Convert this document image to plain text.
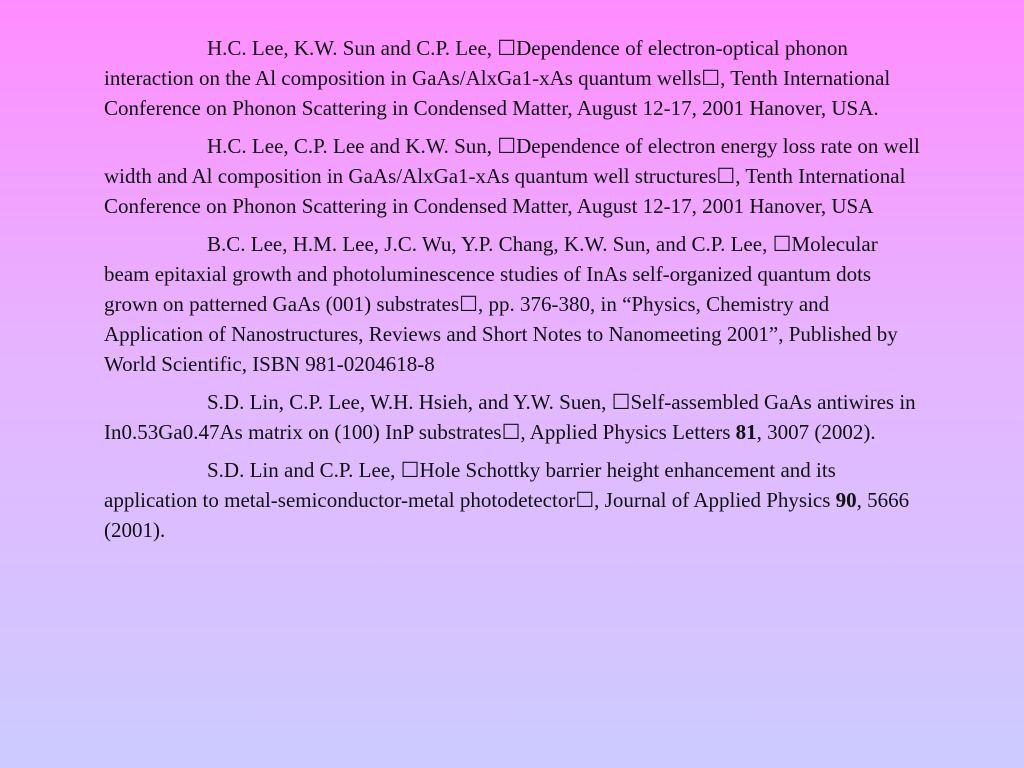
H.C. Lee, K.W. Sun and C.P. Lee, ☐Dependence of electron-optical phonon interaction on the Al composition in GaAs/AlxGa1-xAs quantum wells☐, Tenth International Conference on Phonon Scattering in Condensed Matter, August 12-17, 2001 Hanover, USA.

H.C. Lee, C.P. Lee and K.W. Sun, ☐Dependence of electron energy loss rate on well width and Al composition in GaAs/AlxGa1-xAs quantum well structures☐, Tenth International Conference on Phonon Scattering in Condensed Matter, August 12-17, 2001 Hanover, USA

B.C. Lee, H.M. Lee, J.C. Wu, Y.P. Chang, K.W. Sun, and C.P. Lee, ☐Molecular beam epitaxial growth and photoluminescence studies of InAs self-organized quantum dots grown on patterned GaAs (001) substrates☐, pp. 376-380, in “Physics, Chemistry and Application of Nanostructures, Reviews and Short Notes to Nanomeeting 2001”, Published by World Scientific, ISBN 981-0204618-8

S.D. Lin, C.P. Lee, W.H. Hsieh, and Y.W. Suen, ☐Self-assembled GaAs antiwires in In0.53Ga0.47As matrix on (100) InP substrates☐, Applied Physics Letters 81, 3007 (2002).

S.D. Lin and C.P. Lee, ☐Hole Schottky barrier height enhancement and its application to metal-semiconductor-metal photodetector☐, Journal of Applied Physics 90, 5666 (2001).
